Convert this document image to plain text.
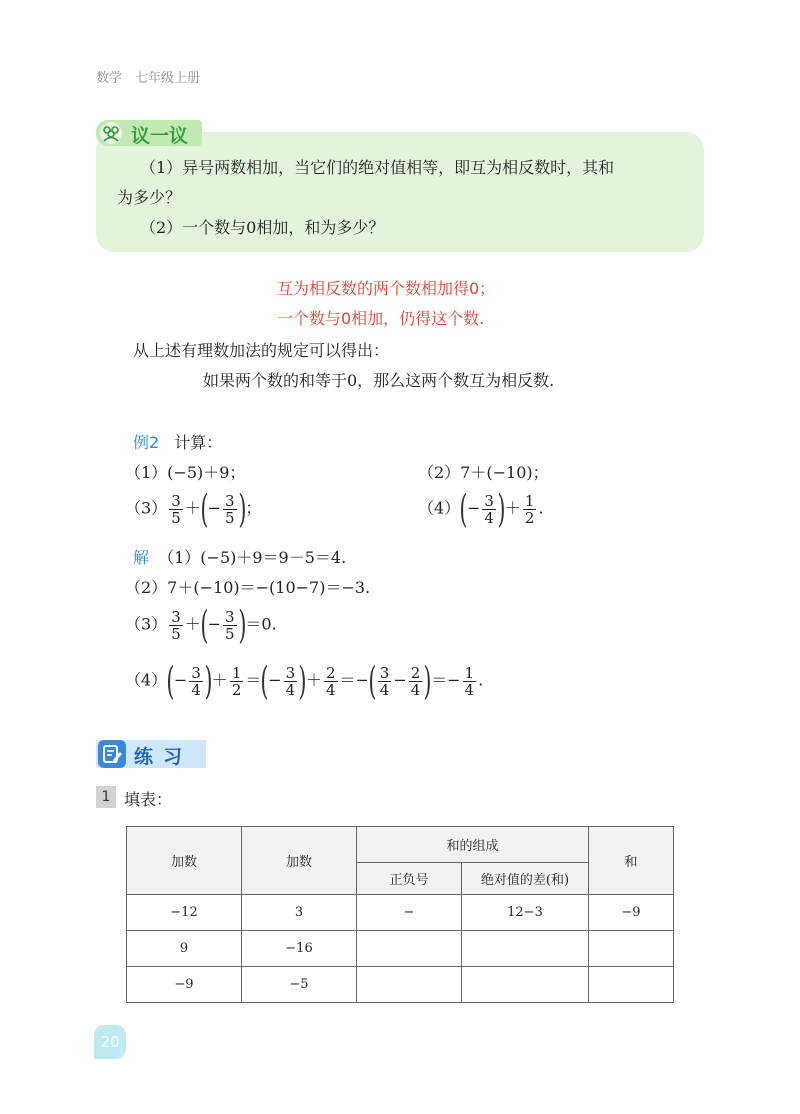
数学　七年级上册
议一议
（1）异号两数相加，当它们的绝对值相等，即互为相反数时，其和
为多少？
（2）一个数与0相加，和为多少？
互为相反数的两个数相加得0；
一个数与0相加，仍得这个数.
从上述有理数加法的规定可以得出：
如果两个数的和等于0，那么这两个数互为相反数.
例2 计算：
（1）(−5)＋9；	（2）7＋(−10)；
$(3) \frac{3}{5}$ ＋(− $\frac{3}{5}$ )；	$(4)(- \frac{3}{4}$ )＋ $\frac{1}{2}$ .
解 （1）(−5)＋9＝9－5＝4.
（2）7＋(−10)＝−(10−7)＝−3.
$(3) \frac{3}{5}$ ＋(− $\frac{3}{5} )=0$.
$(4)(- \frac{3}{4}$ )＋ $\frac{1}{2}$ ＝(− $\frac{3}{4}$ )＋ $\frac{2}{4}$ ＝−( $\frac{3}{4} - \frac{2}{4}$ )＝− $\frac{1}{4}$ .
练习
1 填表：
加数	加数	和的组成		和
		正负号	绝对值的差(和)	
−12	3	−	12−3	−9
9	−16			
−9	−5			
20
